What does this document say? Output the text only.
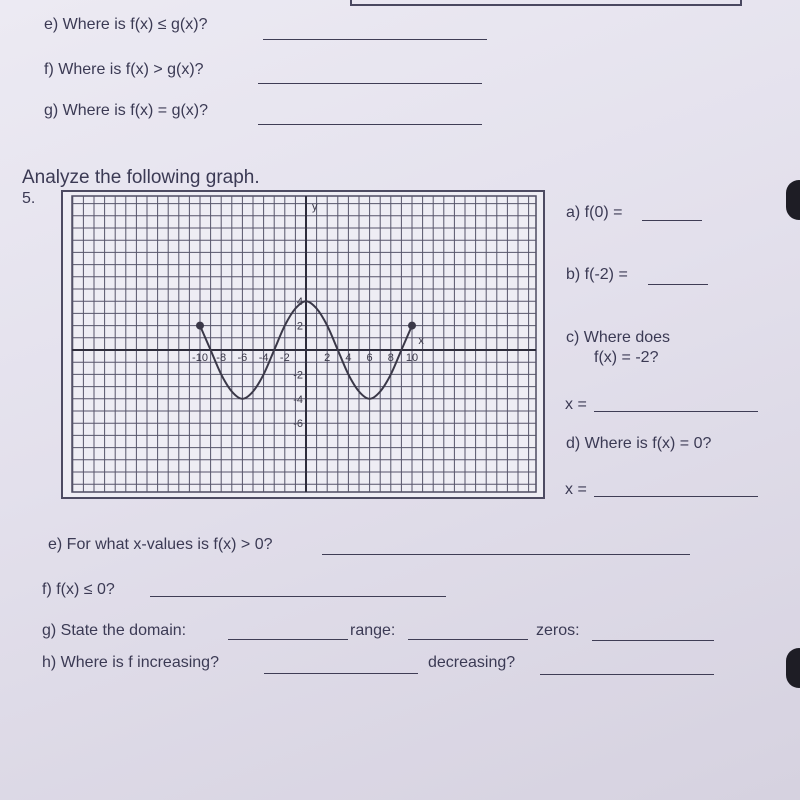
e) Where is f(x) ≤ g(x)?
f) Where is f(x) > g(x)?
g) Where is f(x) = g(x)?
Analyze the following graph.
5.
x
y
-10 -8 -6 -4 -2	2 4 6 8 10
4
2
-2
-4
-6
a) f(0) =
b) f(-2) =
c) Where does
f(x) = -2?
x =
d) Where is f(x) = 0?
x =
e) For what x-values is f(x) > 0?
f) f(x) ≤ 0?
g) State the domain:	range:	zeros:
h) Where is f increasing?	decreasing?
